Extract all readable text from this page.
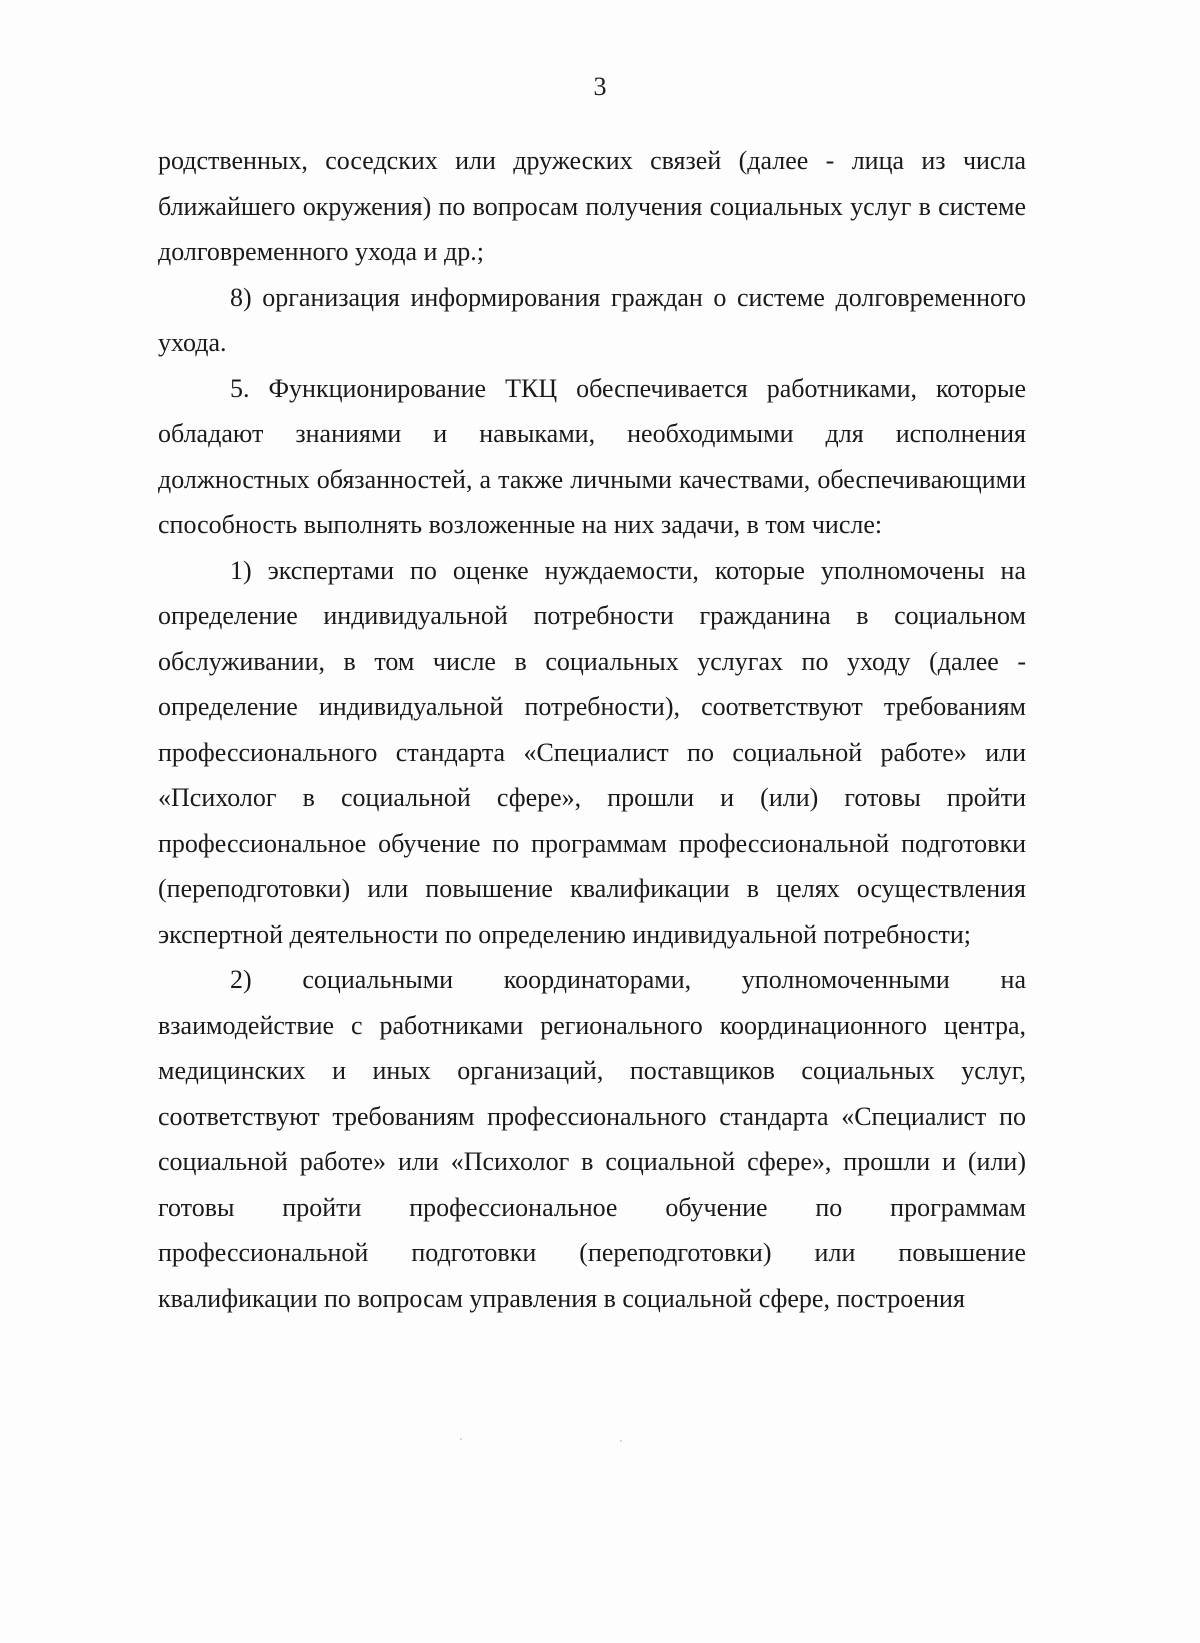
3

родственных, соседских или дружеских связей (далее - лица из числа ближайшего окружения) по вопросам получения социальных услуг в системе долговременного ухода и др.;

8) организация информирования граждан о системе долговременного ухода.

5. Функционирование ТКЦ обеспечивается работниками, которые обладают знаниями и навыками, необходимыми для исполнения должностных обязанностей, а также личными качествами, обеспечивающими способность выполнять возложенные на них задачи, в том числе:

1) экспертами по оценке нуждаемости, которые уполномочены на определение индивидуальной потребности гражданина в социальном обслуживании, в том числе в социальных услугах по уходу (далее - определение индивидуальной потребности), соответствуют требованиям профессионального стандарта «Специалист по социальной работе» или «Психолог в социальной сфере», прошли и (или) готовы пройти профессиональное обучение по программам профессиональной подготовки (переподготовки) или повышение квалификации в целях осуществления экспертной деятельности по определению индивидуальной потребности;

2) социальными координаторами, уполномоченными на взаимодействие с работниками регионального координационного центра, медицинских и иных организаций, поставщиков социальных услуг, соответствуют требованиям профессионального стандарта «Специалист по социальной работе» или «Психолог в социальной сфере», прошли и (или) готовы пройти профессиональное обучение по программам профессиональной подготовки (переподготовки) или повышение квалификации по вопросам управления в социальной сфере, построения
